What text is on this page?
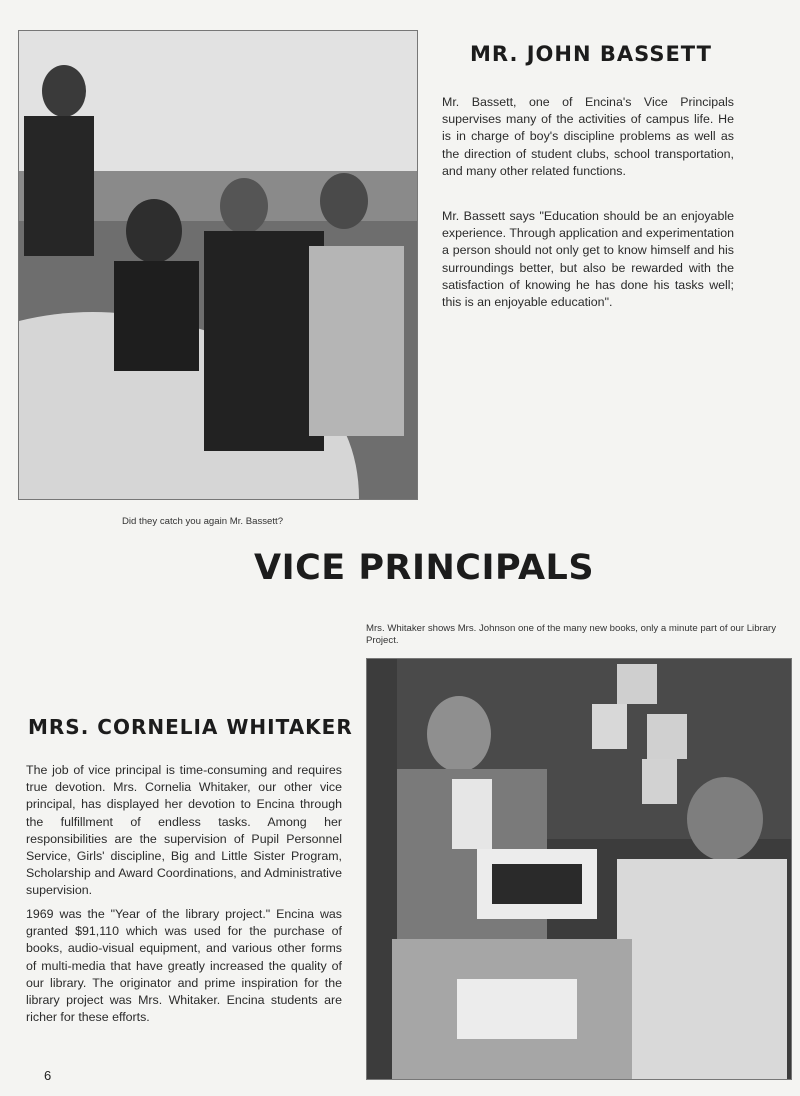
MR. JOHN BASSETT

Mr. Bassett, one of Encina's Vice Principals supervises many of the activities of campus life. He is in charge of boy's discipline problems as well as the direction of student clubs, school transportation, and many other related functions.

Mr. Bassett says "Education should be an enjoyable experience. Through application and experimentation a person should not only get to know himself and his surroundings better, but also be rewarded with the satisfaction of knowing he has done his tasks well; this is an enjoyable education".

Did they catch you again Mr. Bassett?

VICE PRINCIPALS

Mrs. Whitaker shows Mrs. Johnson one of the many new books, only a minute part of our Library Project.

MRS. CORNELIA WHITAKER

The job of vice principal is time-consuming and requires true devotion. Mrs. Cornelia Whitaker, our other vice principal, has displayed her devotion to Encina through the fulfillment of endless tasks. Among her responsibilities are the supervision of Pupil Personnel Service, Girls' discipline, Big and Little Sister Program, Scholarship and Award Coordinations, and Administrative supervision.

1969 was the "Year of the library project." Encina was granted $91,110 which was used for the purchase of books, audio-visual equipment, and various other forms of multi-media that have greatly increased the quality of our library. The originator and prime inspiration for the library project was Mrs. Whitaker. Encina students are richer for these efforts.

6
